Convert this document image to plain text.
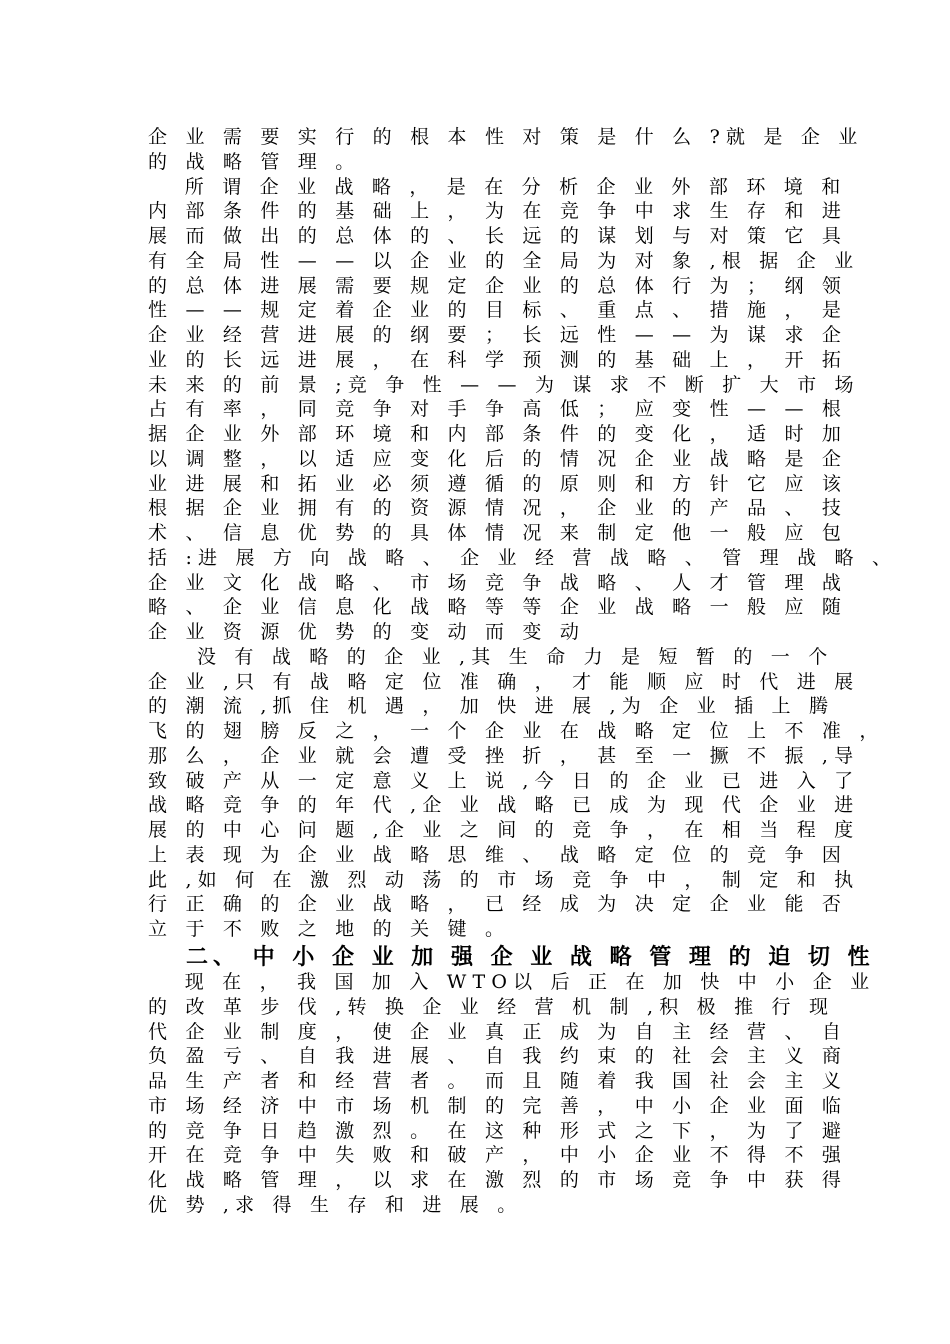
企 业 需 要 实 行 的 根 本 性 对 策 是 什 么 ?就 是 企 业
的 战 略 管 理 。
所 谓 企 业 战 略 ， 是 在 分 析 企 业 外 部 环 境 和
内 部 条 件 的 基 础 上 ， 为 在 竞 争 中 求 生 存 和 进
展 而 做 出 的 总 体 的 、 长 远 的 谋 划 与 对 策 它 具
有 全 局 性 — — 以 企 业 的 全 局 为 对 象 ,根 据 企 业
的 总 体 进 展 需 要 规 定 企 业 的 总 体 行 为 ； 纲 领
性 — — 规 定 着 企 业 的 目 标 、 重 点 、 措 施 ， 是
企 业 经 营 进 展 的 纲 要 ； 长 远 性 — — 为 谋 求 企
业 的 长 远 进 展 ， 在 科 学 预 测 的 基 础 上 ， 开 拓
未 来 的 前 景 ;竞 争 性 — — 为 谋 求 不 断 扩 大 市 场
占 有 率 ， 同 竞 争 对 手 争 高 低 ； 应 变 性 — — 根
据 企 业 外 部 环 境 和 内 部 条 件 的 变 化 ， 适 时 加
以 调 整 ， 以 适 应 变 化 后 的 情 况 企 业 战 略 是 企
业 进 展 和 拓 业 必 须 遵 循 的 原 则 和 方 针 它 应 该
根 据 企 业 拥 有 的 资 源 情 况 ， 企 业 的 产 品 、 技
术 、 信 息 优 势 的 具 体 情 况 来 制 定 他 一 般 应 包
括 :进 展 方 向 战 略 、 企 业 经 营 战 略 、 管 理 战 略 、
企 业 文 化 战 略 、 市 场 竞 争 战 略 、 人 才 管 理 战
略 、 企 业 信 息 化 战 略 等 等 企 业 战 略 一 般 应 随
企 业 资 源 优 势 的 变 动 而 变 动
没 有 战 略 的 企 业 ,其 生 命 力 是 短 暂 的 一 个
企 业 ,只 有 战 略 定 位 准 确 ， 才 能 顺 应 时 代 进 展
的 潮 流 ,抓 住 机 遇 ， 加 快 进 展 ,为 企 业 插 上 腾
飞 的 翅 膀 反 之 ， 一 个 企 业 在 战 略 定 位 上 不 准 ，
那 么 ， 企 业 就 会 遭 受 挫 折 ， 甚 至 一 撅 不 振 ,导
致 破 产 从 一 定 意 义 上 说 ,今 日 的 企 业 已 进 入 了
战 略 竞 争 的 年 代 ,企 业 战 略 已 成 为 现 代 企 业 进
展 的 中 心 问 题 ,企 业 之 间 的 竞 争 ， 在 相 当 程 度
上 表 现 为 企 业 战 略 思 维 、 战 略 定 位 的 竞 争 因
此 ,如 何 在 激 烈 动 荡 的 市 场 竞 争 中 ， 制 定 和 执
行 正 确 的 企 业 战 略 ， 已 经 成 为 决 定 企 业 能 否
立 于 不 败 之 地 的 关 键 。
二、 中 小 企 业 加 强 企 业 战 略 管 理 的 迫 切 性
现 在 ， 我 国 加 入 WTO以 后 正 在 加 快 中 小 企 业
的 改 革 步 伐 ,转 换 企 业 经 营 机 制 ,积 极 推 行 现
代 企 业 制 度 ， 使 企 业 真 正 成 为 自 主 经 营 、 自
负 盈 亏 、 自 我 进 展 、 自 我 约 束 的 社 会 主 义 商
品 生 产 者 和 经 营 者 。 而 且 随 着 我 国 社 会 主 义
市 场 经 济 中 市 场 机 制 的 完 善 ， 中 小 企 业 面 临
的 竞 争 日 趋 激 烈 。 在 这 种 形 式 之 下 ， 为 了 避
开 在 竞 争 中 失 败 和 破 产 ， 中 小 企 业 不 得 不 强
化 战 略 管 理 ， 以 求 在 激 烈 的 市 场 竞 争 中 获 得
优 势 ,求 得 生 存 和 进 展 。
